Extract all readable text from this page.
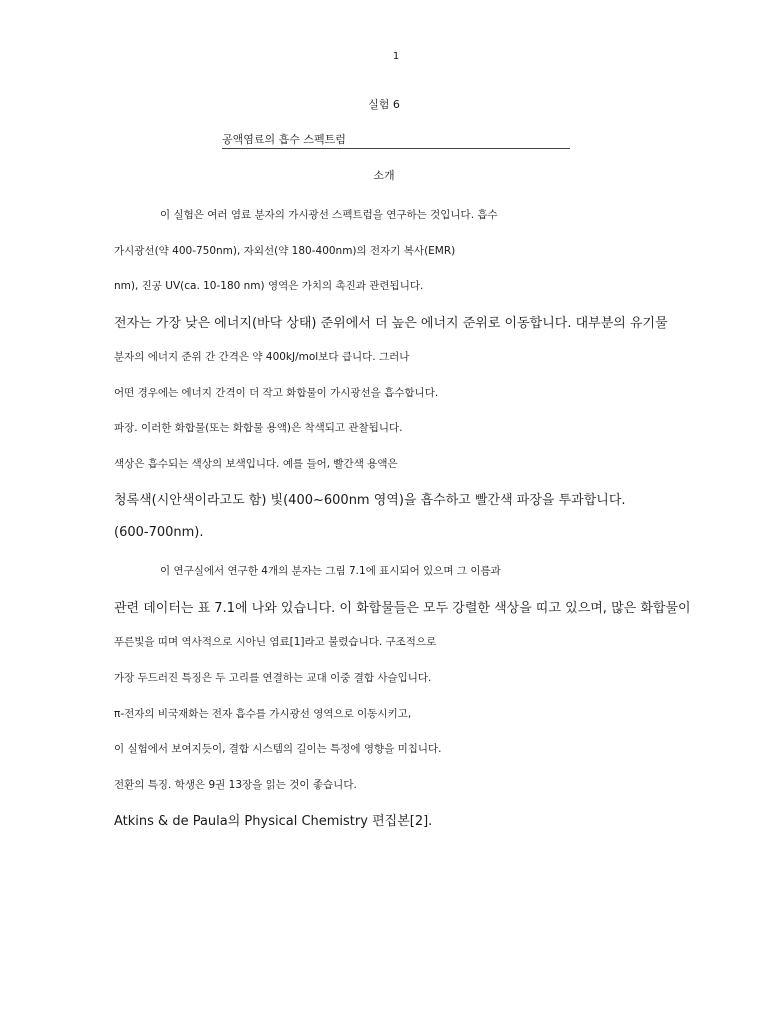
1
실험 6
공액염료의 흡수 스펙트럼
소개
이 실험은 여러 염료 분자의 가시광선 스펙트럼을 연구하는 것입니다. 흡수
가시광선(약 400-750nm), 자외선(약 180-400nm)의 전자기 복사(EMR)
nm), 진공 UV(ca. 10-180 nm) 영역은 가치의 촉진과 관련됩니다.
전자는 가장 낮은 에너지(바닥 상태) 준위에서 더 높은 에너지 준위로 이동합니다. 대부분의 유기물
분자의 에너지 준위 간 간격은 약 400kJ/mol보다 큽니다. 그러나
어떤 경우에는 에너지 간격이 더 작고 화합물이 가시광선을 흡수합니다.
파장. 이러한 화합물(또는 화합물 용액)은 착색되고 관찰됩니다.
색상은 흡수되는 색상의 보색입니다. 예를 들어, 빨간색 용액은
청록색(시안색이라고도 함) 빛(400~600nm 영역)을 흡수하고 빨간색 파장을 투과합니다.
(600-700nm).
이 연구실에서 연구한 4개의 분자는 그림 7.1에 표시되어 있으며 그 이름과
관련 데이터는 표 7.1에 나와 있습니다. 이 화합물들은 모두 강렬한 색상을 띠고 있으며, 많은 화합물이
푸른빛을 띠며 역사적으로 시아닌 염료[1]라고 불렸습니다. 구조적으로
가장 두드러진 특징은 두 고리를 연결하는 교대 이중 결합 사슬입니다.
π-전자의 비국재화는 전자 흡수를 가시광선 영역으로 이동시키고,
이 실험에서 보여지듯이, 결합 시스템의 길이는 특정에 영향을 미칩니다.
전환의 특징. 학생은 9권 13장을 읽는 것이 좋습니다.
Atkins & de Paula의 Physical Chemistry 편집본[2].
